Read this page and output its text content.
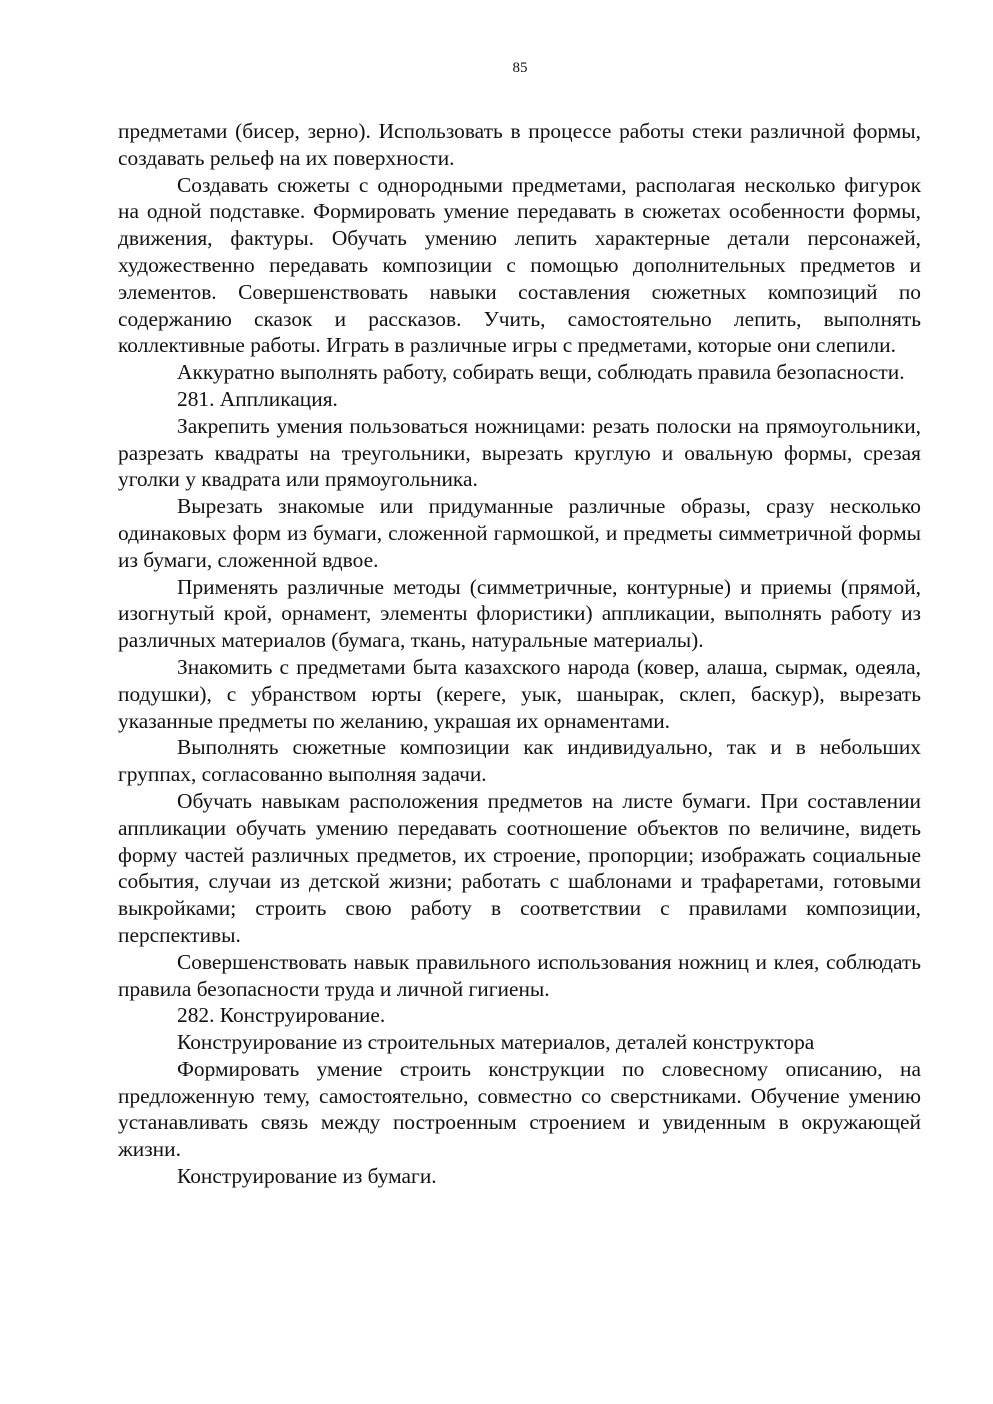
85

предметами (бисер, зерно). Использовать в процессе работы стеки различной формы, создавать рельеф на их поверхности.

Создавать сюжеты с однородными предметами, располагая несколько фигурок на одной подставке. Формировать умение передавать в сюжетах особенности формы, движения, фактуры. Обучать умению лепить характерные детали персонажей, художественно передавать композиции с помощью дополнительных предметов и элементов. Совершенствовать навыки составления сюжетных композиций по содержанию сказок и рассказов. Учить, самостоятельно лепить, выполнять коллективные работы. Играть в различные игры с предметами, которые они слепили.

Аккуратно выполнять работу, собирать вещи, соблюдать правила безопасности.

281. Аппликация.

Закрепить умения пользоваться ножницами: резать полоски на прямоугольники, разрезать квадраты на треугольники, вырезать круглую и овальную формы, срезая уголки у квадрата или прямоугольника.

Вырезать знакомые или придуманные различные образы, сразу несколько одинаковых форм из бумаги, сложенной гармошкой, и предметы симметричной формы из бумаги, сложенной вдвое.

Применять различные методы (симметричные, контурные) и приемы (прямой, изогнутый крой, орнамент, элементы флористики) аппликации, выполнять работу из различных материалов (бумага, ткань, натуральные материалы).

Знакомить с предметами быта казахского народа (ковер, алаша, сырмак, одеяла, подушки), с убранством юрты (кереге, уык, шанырак, склеп, баскур), вырезать указанные предметы по желанию, украшая их орнаментами.

Выполнять сюжетные композиции как индивидуально, так и в небольших группах, согласованно выполняя задачи.

Обучать навыкам расположения предметов на листе бумаги. При составлении аппликации обучать умению передавать соотношение объектов по величине, видеть форму частей различных предметов, их строение, пропорции; изображать социальные события, случаи из детской жизни; работать с шаблонами и трафаретами, готовыми выкройками; строить свою работу в соответствии с правилами композиции, перспективы.

Совершенствовать навык правильного использования ножниц и клея, соблюдать правила безопасности труда и личной гигиены.

282. Конструирование.

Конструирование из строительных материалов, деталей конструктора

Формировать умение строить конструкции по словесному описанию, на предложенную тему, самостоятельно, совместно со сверстниками. Обучение умению устанавливать связь между построенным строением и увиденным в окружающей жизни.

Конструирование из бумаги.
